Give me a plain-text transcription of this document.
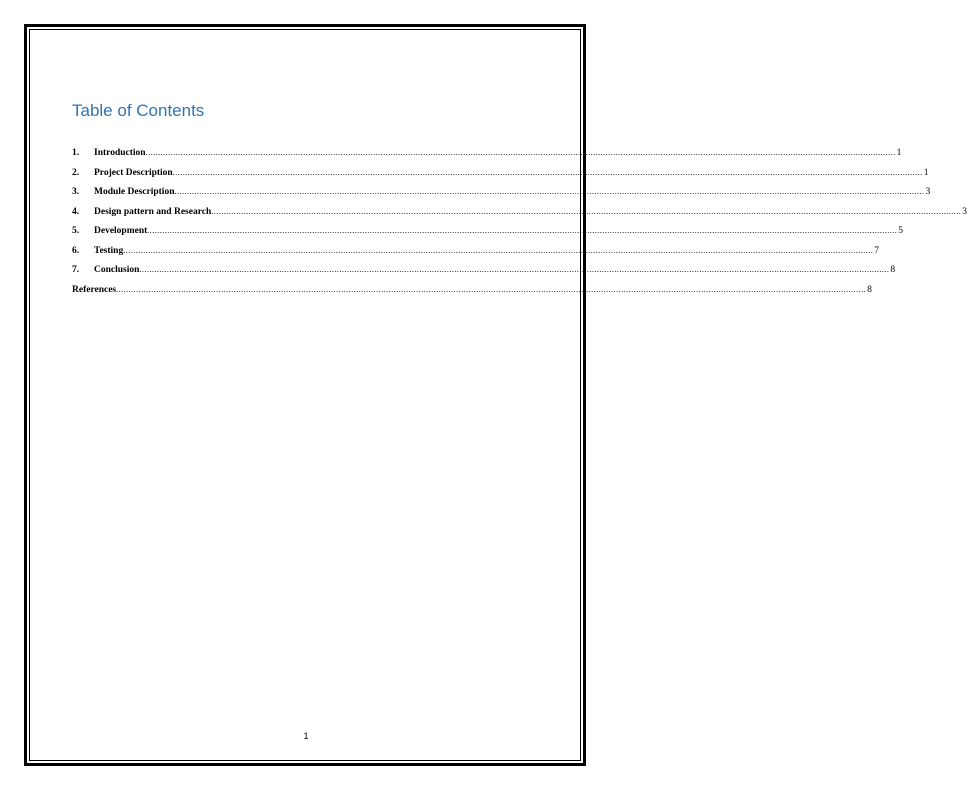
Table of Contents
1.	Introduction ............................................................................................................................................................................................................................................................................................................ 1
2.	Project Description ............................................................................................................................................................................................................................................................................................................ 1
3.	Module Description ............................................................................................................................................................................................................................................................................................................ 3
4.	Design pattern and Research ............................................................................................................................................................................................................................................................................................................ 3
5.	Development ............................................................................................................................................................................................................................................................................................................ 5
6.	Testing ............................................................................................................................................................................................................................................................................................................ 7
7.	Conclusion ............................................................................................................................................................................................................................................................................................................ 8
References ............................................................................................................................................................................................................................................................................................................ 8
1
